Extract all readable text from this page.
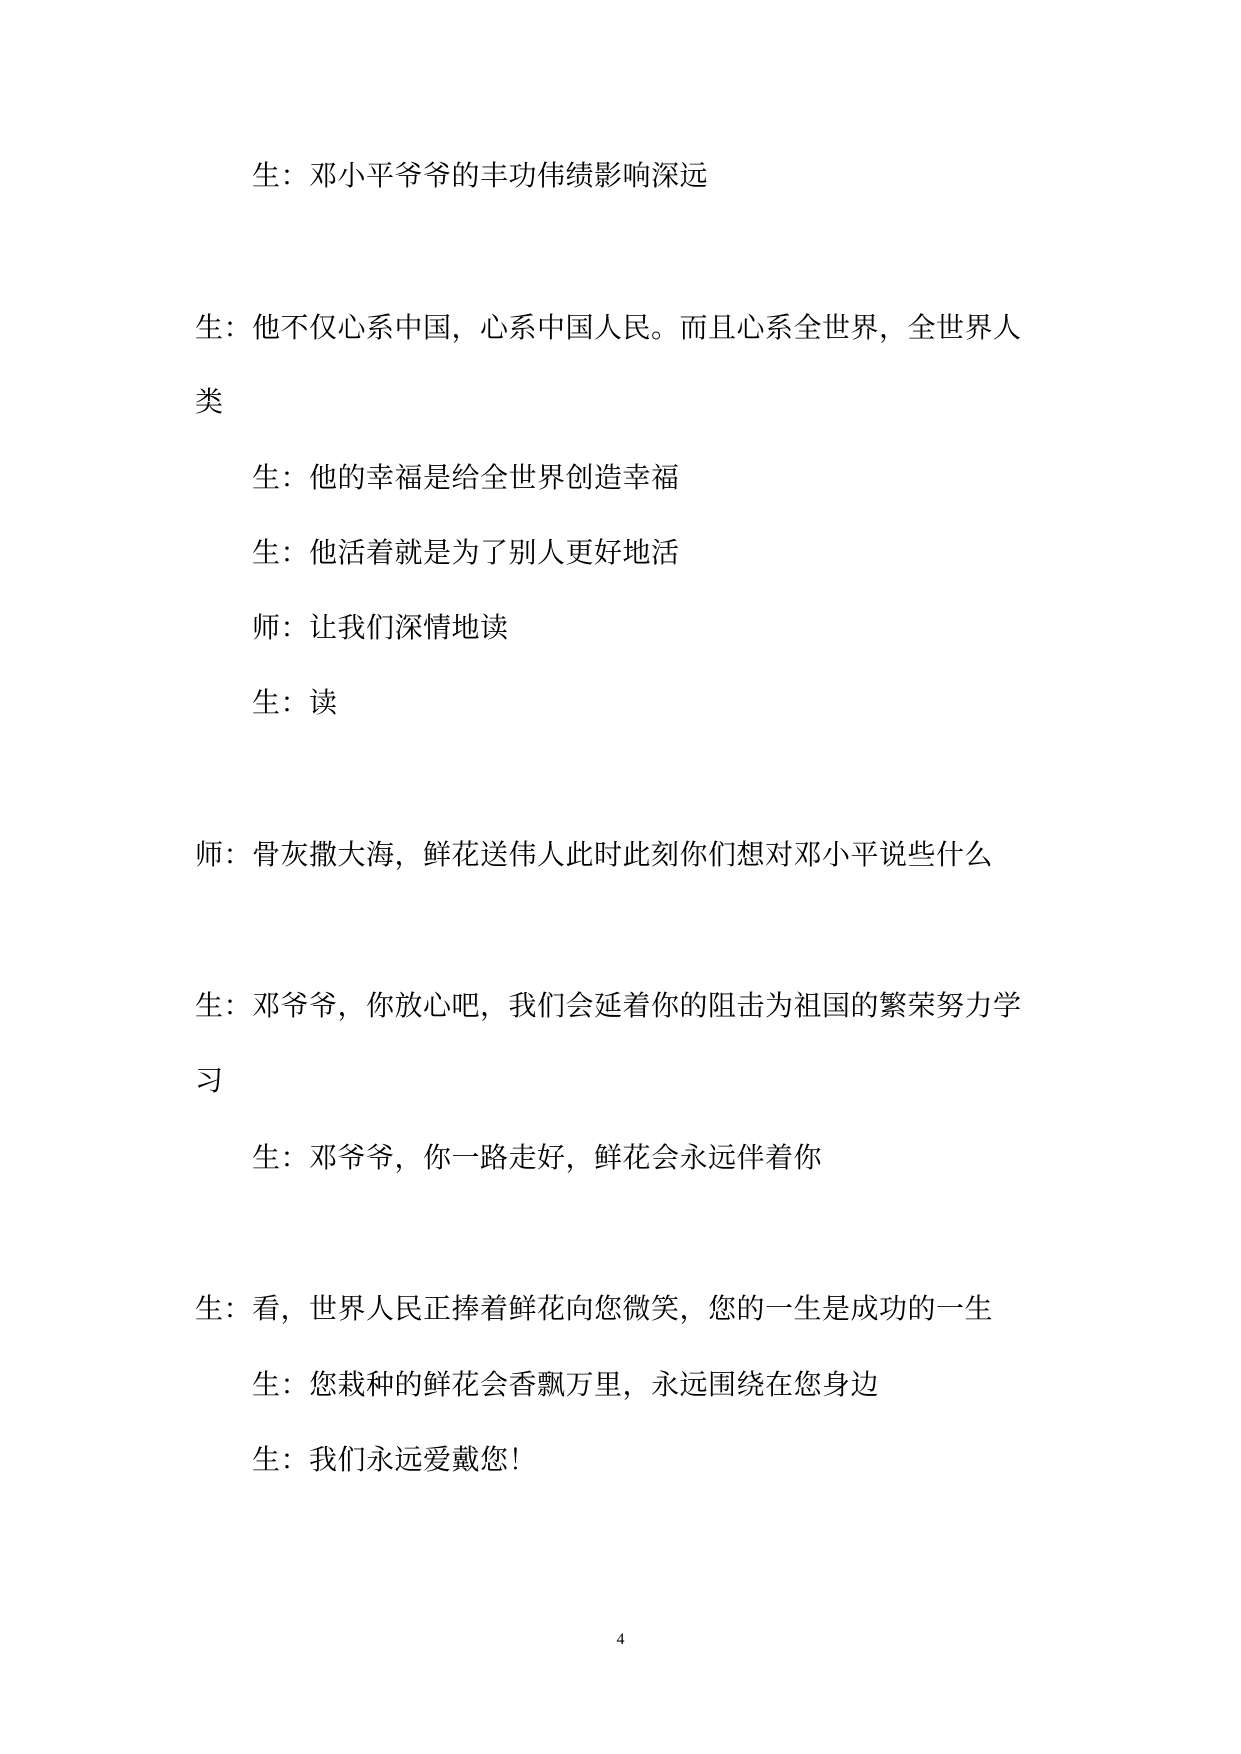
生：邓小平爷爷的丰功伟绩影响深远
生：他不仅心系中国，心系中国人民。而且心系全世界，全世界人
类
生：他的幸福是给全世界创造幸福
生：他活着就是为了别人更好地活
师：让我们深情地读
生：读
师：骨灰撒大海，鲜花送伟人此时此刻你们想对邓小平说些什么
生：邓爷爷，你放心吧，我们会延着你的阻击为祖国的繁荣努力学
习
生：邓爷爷，你一路走好，鲜花会永远伴着你
生：看，世界人民正捧着鲜花向您微笑，您的一生是成功的一生
生：您栽种的鲜花会香飘万里，永远围绕在您身边
生：我们永远爱戴您！
4
